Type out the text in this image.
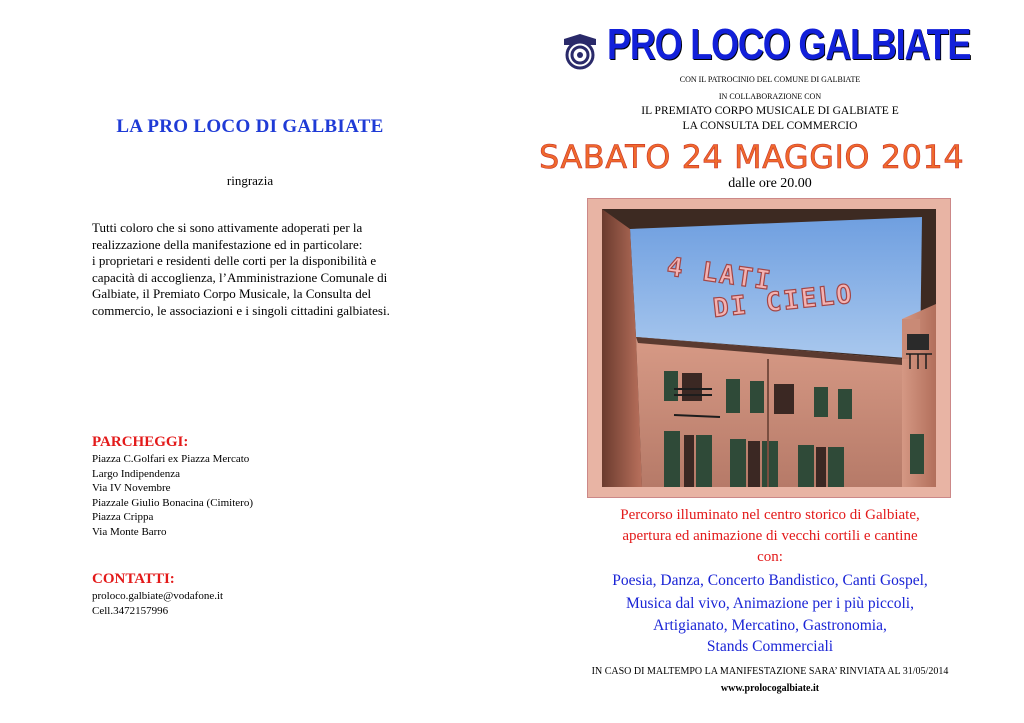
LA PRO LOCO DI GALBIATE
ringrazia
Tutti coloro che si sono attivamente adoperati per la
realizzazione della manifestazione ed in particolare:
i proprietari e residenti delle corti per la disponibilità e
capacità di accoglienza, l’Amministrazione Comunale di
Galbiate, il Premiato Corpo Musicale, la Consulta del
commercio, le associazioni e i singoli cittadini galbiatesi.
PARCHEGGI:
Piazza C.Golfari ex Piazza Mercato
Largo Indipendenza
Via IV Novembre
Piazzale Giulio Bonacina (Cimitero)
Piazza Crippa
Via Monte Barro
CONTATTI:
proloco.galbiate@vodafone.it
Cell.3472157996
PRO LOCO GALBIATE
CON IL PATROCINIO DEL COMUNE DI GALBIATE
IN COLLABORAZIONE CON
IL PREMIATO CORPO MUSICALE DI GALBIATE E
LA CONSULTA DEL COMMERCIO
SABATO 24 MAGGIO 2014
dalle ore 20.00
4 LATI
DI CIELO
Percorso illuminato nel centro storico di Galbiate,
apertura ed animazione di vecchi cortili e cantine
con:
Poesia, Danza, Concerto Bandistico, Canti Gospel,
Musica dal vivo, Animazione per i più piccoli,
Artigianato, Mercatino, Gastronomia,
Stands Commerciali
IN CASO DI MALTEMPO LA MANIFESTAZIONE SARA’ RINVIATA AL 31/05/2014
www.prolocogalbiate.it
